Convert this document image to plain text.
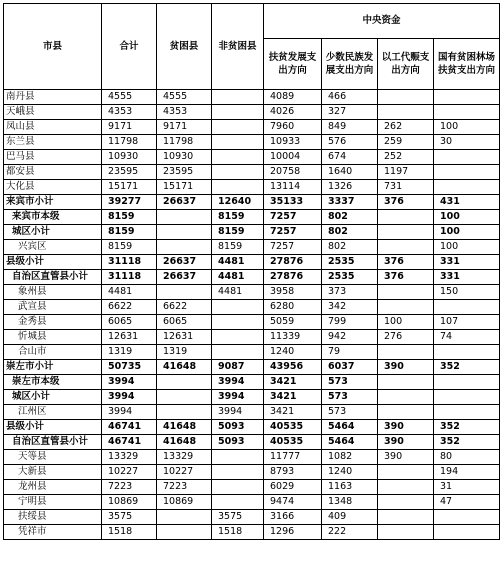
市县	合计	贫困县	非贫困县	中央资金			
				扶贫发展支出方向	少数民族发展支出方向	以工代赈支出方向	国有贫困林场扶贫支出方向
南丹县	4555	4555		4089	466		
天峨县	4353	4353		4026	327		
凤山县	9171	9171		7960	849	262	100
东兰县	11798	11798		10933	576	259	30
巴马县	10930	10930		10004	674	252	
都安县	23595	23595		20758	1640	1197	
大化县	15171	15171		13114	1326	731	
来宾市小计	39277	26637	12640	35133	3337	376	431
来宾市本级	8159		8159	7257	802		100
城区小计	8159		8159	7257	802		100
兴宾区	8159		8159	7257	802		100
县级小计	31118	26637	4481	27876	2535	376	331
自治区直管县小计	31118	26637	4481	27876	2535	376	331
象州县	4481		4481	3958	373		150
武宣县	6622	6622		6280	342		
金秀县	6065	6065		5059	799	100	107
忻城县	12631	12631		11339	942	276	74
合山市	1319	1319		1240	79		
崇左市小计	50735	41648	9087	43956	6037	390	352
崇左市本级	3994		3994	3421	573		
城区小计	3994		3994	3421	573		
江州区	3994		3994	3421	573		
县级小计	46741	41648	5093	40535	5464	390	352
自治区直管县小计	46741	41648	5093	40535	5464	390	352
天等县	13329	13329		11777	1082	390	80
大新县	10227	10227		8793	1240		194
龙州县	7223	7223		6029	1163		31
宁明县	10869	10869		9474	1348		47
扶绥县	3575		3575	3166	409		
凭祥市	1518		1518	1296	222		
